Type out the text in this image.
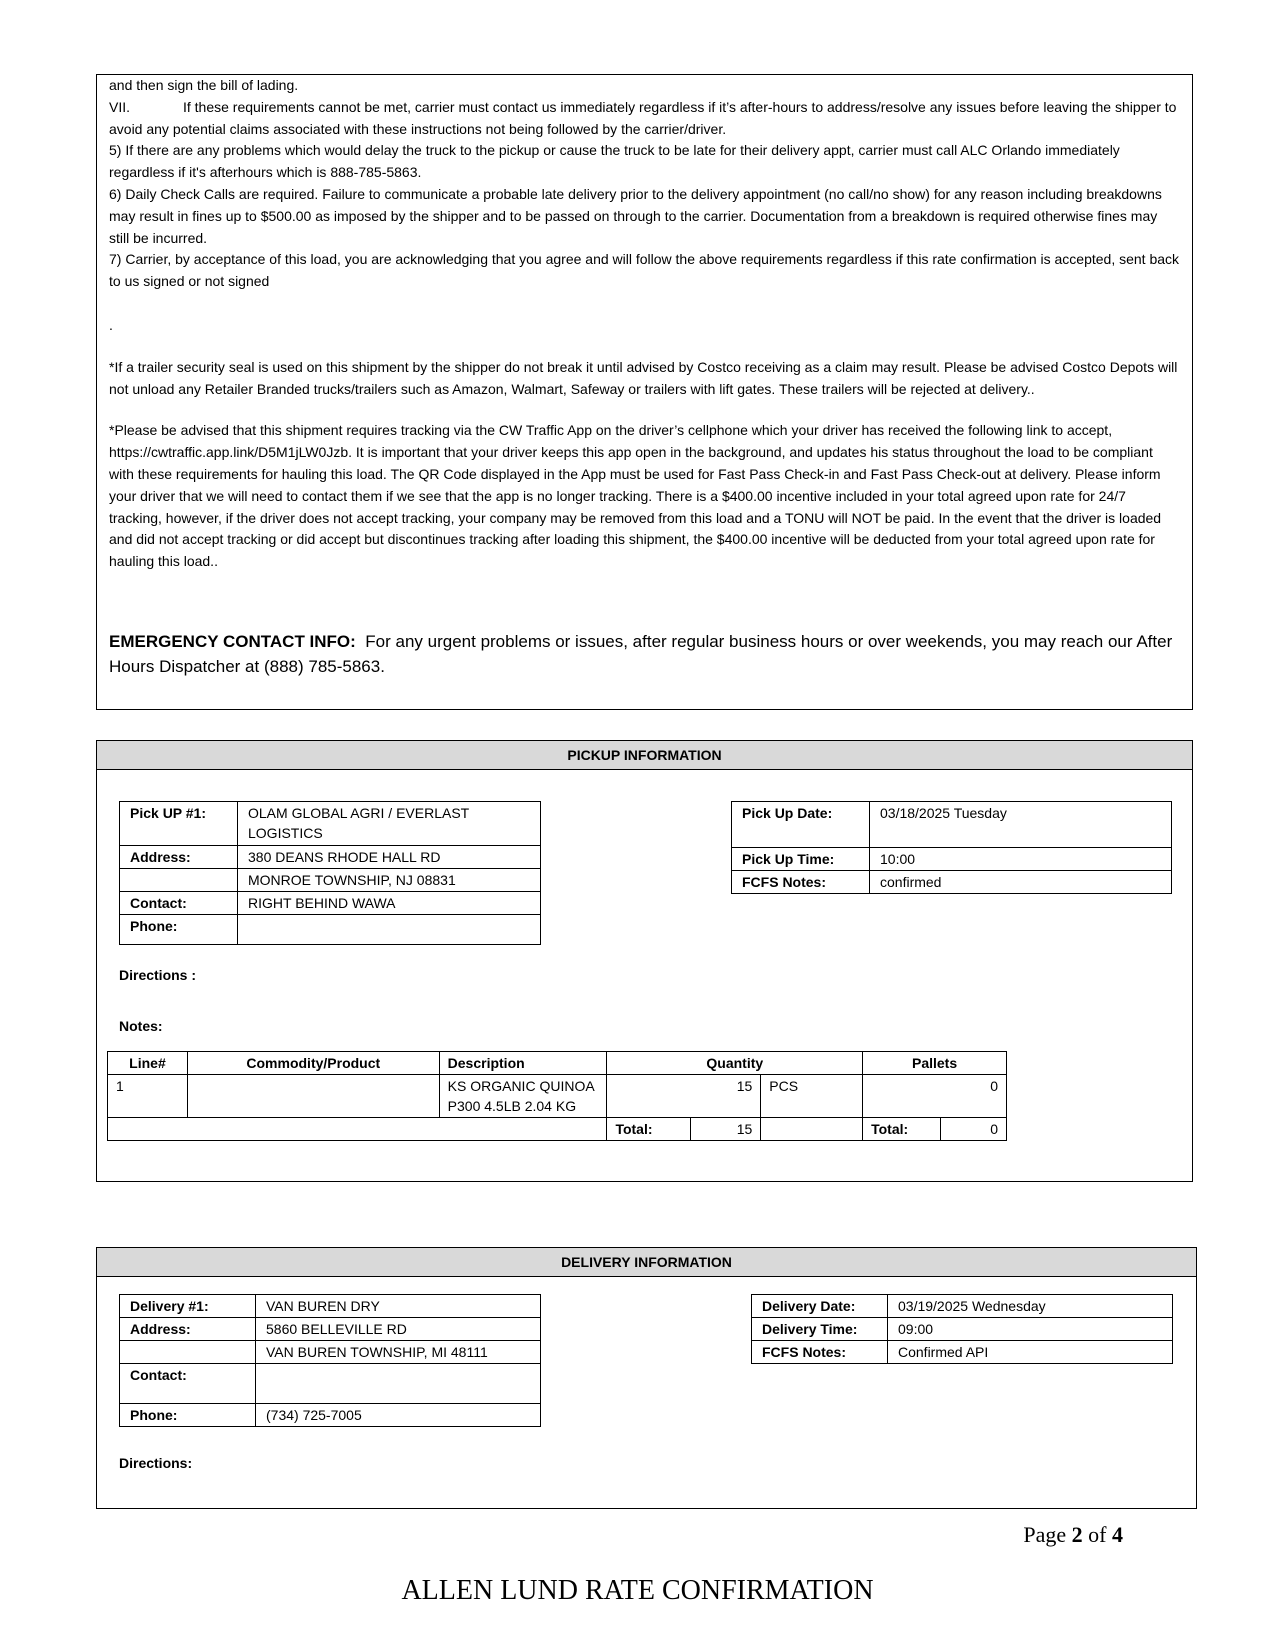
and then sign the bill of lading.

VII.	If these requirements cannot be met, carrier must contact us immediately regardless if it’s after-hours to address/resolve any issues before leaving the shipper to avoid any potential claims associated with these instructions not being followed by the carrier/driver.

5) If there are any problems which would delay the truck to the pickup or cause the truck to be late for their delivery appt, carrier must call ALC Orlando immediately regardless if it's afterhours which is 888-785-5863.

6) Daily Check Calls are required. Failure to communicate a probable late delivery prior to the delivery appointment (no call/no show) for any reason including breakdowns may result in fines up to $500.00 as imposed by the shipper and to be passed on through to the carrier. Documentation from a breakdown is required otherwise fines may still be incurred.

7) Carrier, by acceptance of this load, you are acknowledging that you agree and will follow the above requirements regardless if this rate confirmation is accepted, sent back to us signed or not signed

.

*If a trailer security seal is used on this shipment by the shipper do not break it until advised by Costco receiving as a claim may result. Please be advised Costco Depots will not unload any Retailer Branded trucks/trailers such as Amazon, Walmart, Safeway or trailers with lift gates. These trailers will be rejected at delivery..

*Please be advised that this shipment requires tracking via the CW Traffic App on the driver’s cellphone which your driver has received the following link to accept, https://cwtraffic.app.link/D5M1jLW0Jzb. It is important that your driver keeps this app open in the background, and updates his status throughout the load to be compliant with these requirements for hauling this load. The QR Code displayed in the App must be used for Fast Pass Check-in and Fast Pass Check-out at delivery. Please inform your driver that we will need to contact them if we see that the app is no longer tracking. There is a $400.00 incentive included in your total agreed upon rate for 24/7 tracking, however, if the driver does not accept tracking, your company may be removed from this load and a TONU will NOT be paid. In the event that the driver is loaded and did not accept tracking or did accept but discontinues tracking after loading this shipment, the $400.00 incentive will be deducted from your total agreed upon rate for hauling this load..

EMERGENCY CONTACT INFO: For any urgent problems or issues, after regular business hours or over weekends, you may reach our After Hours Dispatcher at (888) 785-5863.

PICKUP INFORMATION
Pick UP #1:	OLAM GLOBAL AGRI / EVERLAST LOGISTICS
Address:	380 DEANS RHODE HALL RD
	MONROE TOWNSHIP, NJ 08831
Contact:	RIGHT BEHIND WAWA
Phone:	
Pick Up Date:	03/18/2025 Tuesday
Pick Up Time:	10:00
FCFS Notes:	confirmed
Directions :
Notes:
Line#	Commodity/Product	Description	Quantity			Pallets	
1		KS ORGANIC QUINOA P300 4.5LB 2.04 KG	15		PCS	0	
			Total:	15		Total:	0
DELIVERY INFORMATION
Delivery #1:	VAN BUREN DRY
Address:	5860 BELLEVILLE RD
	VAN BUREN TOWNSHIP, MI 48111
Contact:	
Phone:	(734) 725-7005
Delivery Date:	03/19/2025 Wednesday
Delivery Time:	09:00
FCFS Notes:	Confirmed API
Directions:
Page 2 of 4
ALLEN LUND RATE CONFIRMATION
